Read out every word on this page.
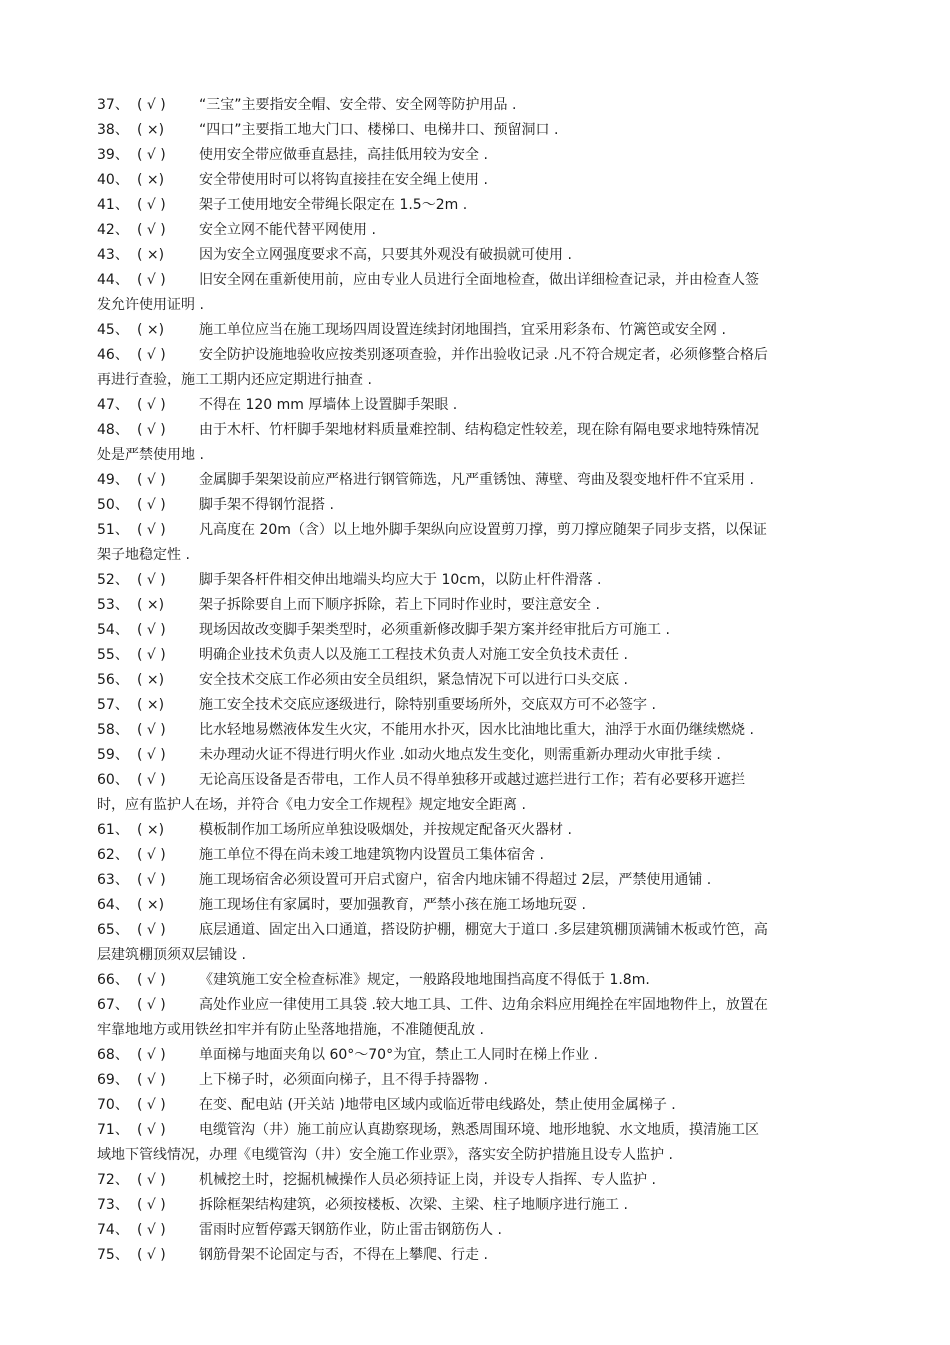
37、 ( √ ) “三宝”主要指安全帽、安全带、安全网等防护用品 .
38、 ( ×) “四口”主要指工地大门口、楼梯口、电梯井口、预留洞口 .
39、 ( √ ) 使用安全带应做垂直悬挂，高挂低用较为安全 .
40、 ( ×) 安全带使用时可以将钩直接挂在安全绳上使用 .
41、 ( √ ) 架子工使用地安全带绳长限定在 1.5～2m .
42、 ( √ ) 安全立网不能代替平网使用 .
43、 ( ×) 因为安全立网强度要求不高，只要其外观没有破损就可使用 .
44、 ( √ ) 旧安全网在重新使用前，应由专业人员进行全面地检查，做出详细检查记录，并由检查人签
发允许使用证明 .
45、 ( ×) 施工单位应当在施工现场四周设置连续封闭地围挡，宜采用彩条布、竹篱笆或安全网 .
46、 ( √ ) 安全防护设施地验收应按类别逐项查验，并作出验收记录 .凡不符合规定者，必须修整合格后
再进行查验，施工工期内还应定期进行抽查 .
47、 ( √ ) 不得在 120 mm 厚墙体上设置脚手架眼 .
48、 ( √ ) 由于木杆、竹杆脚手架地材料质量难控制、结构稳定性较差，现在除有隔电要求地特殊情况
处是严禁使用地 .
49、 ( √ ) 金属脚手架架设前应严格进行钢管筛选，凡严重锈蚀、薄壁、弯曲及裂变地杆件不宜采用 .
50、 ( √ ) 脚手架不得钢竹混搭 .
51、 ( √ ) 凡高度在 20m（含）以上地外脚手架纵向应设置剪刀撑，剪刀撑应随架子同步支搭，以保证
架子地稳定性 .
52、 ( √ ) 脚手架各杆件相交伸出地端头均应大于 10cm，以防止杆件滑落 .
53、 ( ×) 架子拆除要自上而下顺序拆除，若上下同时作业时，要注意安全 .
54、 ( √ ) 现场因故改变脚手架类型时，必须重新修改脚手架方案并经审批后方可施工 .
55、 ( √ ) 明确企业技术负责人以及施工工程技术负责人对施工安全负技术责任 .
56、 ( ×) 安全技术交底工作必须由安全员组织，紧急情况下可以进行口头交底 .
57、 ( ×) 施工安全技术交底应逐级进行，除特别重要场所外，交底双方可不必签字 .
58、 ( √ ) 比水轻地易燃液体发生火灾，不能用水扑灭，因水比油地比重大，油浮于水面仍继续燃烧 .
59、 ( √ ) 未办理动火证不得进行明火作业 .如动火地点发生变化，则需重新办理动火审批手续 .
60、 ( √ ) 无论高压设备是否带电，工作人员不得单独移开或越过遮拦进行工作；若有必要移开遮拦
时，应有监护人在场，并符合《电力安全工作规程》规定地安全距离 .
61、 ( ×) 模板制作加工场所应单独设吸烟处，并按规定配备灭火器材 .
62、 ( √ ) 施工单位不得在尚未竣工地建筑物内设置员工集体宿舍 .
63、 ( √ ) 施工现场宿舍必须设置可开启式窗户，宿舍内地床铺不得超过 2层，严禁使用通铺 .
64、 ( ×) 施工现场住有家属时，要加强教育，严禁小孩在施工场地玩耍 .
65、 ( √ ) 底层通道、固定出入口通道，搭设防护棚，棚宽大于道口 .多层建筑棚顶满铺木板或竹笆，高
层建筑棚顶须双层铺设 .
66、 ( √ ) 《建筑施工安全检查标准》规定，一般路段地地围挡高度不得低于 1.8m.
67、 ( √ ) 高处作业应一律使用工具袋 .较大地工具、工件、边角余料应用绳拴在牢固地物件上，放置在
牢靠地地方或用铁丝扣牢并有防止坠落地措施，不准随便乱放 .
68、 ( √ ) 单面梯与地面夹角以 60°～70°为宜，禁止工人同时在梯上作业 .
69、 ( √ ) 上下梯子时，必须面向梯子，且不得手持器物 .
70、 ( √ ) 在变、配电站 (开关站 )地带电区域内或临近带电线路处，禁止使用金属梯子 .
71、 ( √ ) 电缆管沟（井）施工前应认真勘察现场，熟悉周围环境、地形地貌、水文地质，摸清施工区
域地下管线情况，办理《电缆管沟（井）安全施工作业票》，落实安全防护措施且设专人监护 .
72、 ( √ ) 机械挖土时，挖掘机械操作人员必须持证上岗，并设专人指挥、专人监护 .
73、 ( √ ) 拆除框架结构建筑，必须按楼板、次梁、主梁、柱子地顺序进行施工 .
74、 ( √ ) 雷雨时应暂停露天钢筋作业，防止雷击钢筋伤人 .
75、 ( √ ) 钢筋骨架不论固定与否，不得在上攀爬、行走 .
